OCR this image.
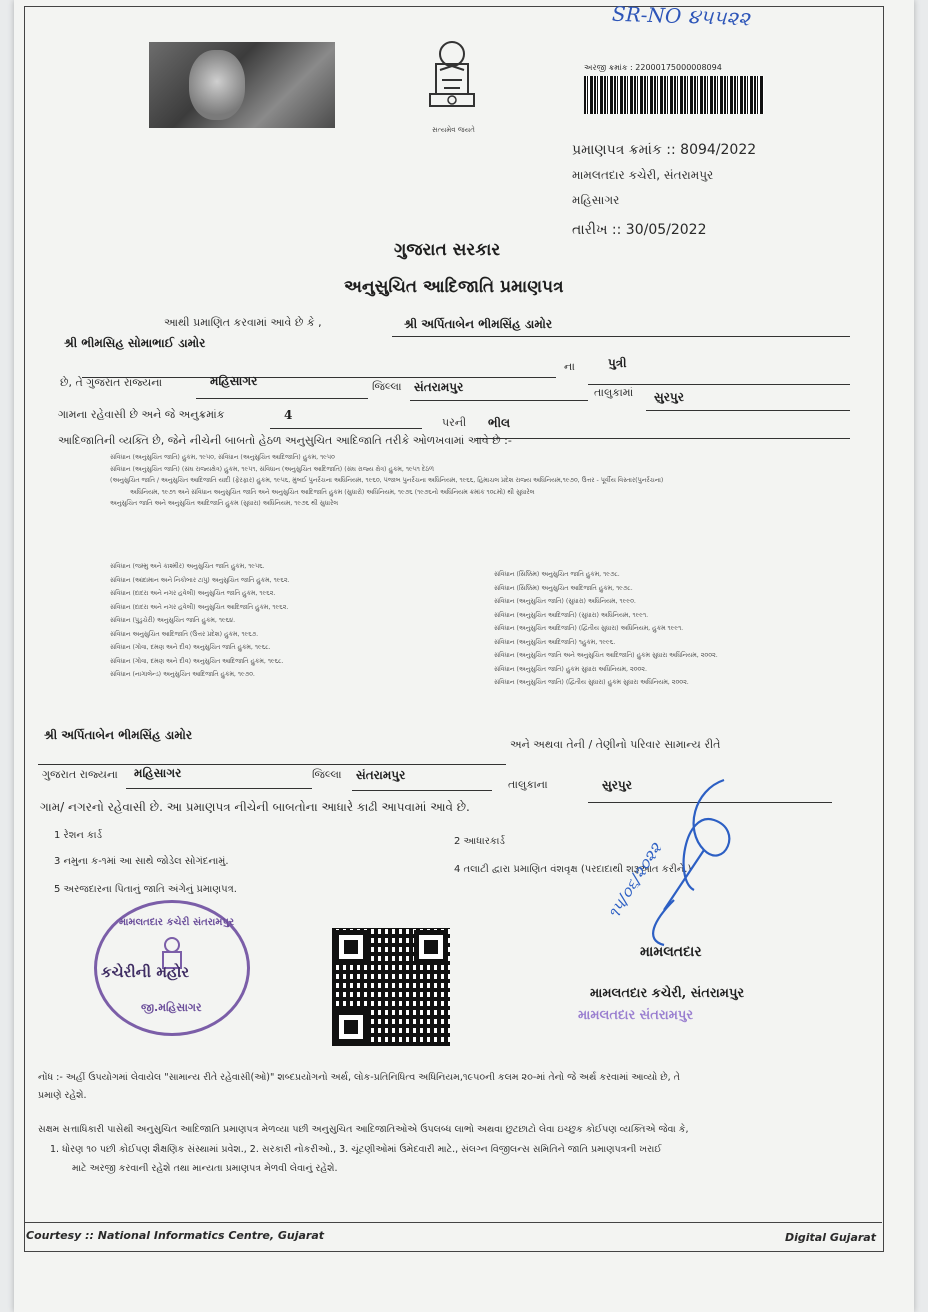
SR-NO ૪૫૫૨૨
સત્યમેવ જયતે
અરજી ક્રમાંક : 22000175000008094
પ્રમાણપત્ર ક્રમાંક :: 8094/2022
મામલતદાર કચેરી, સંતરામપુર
મહિસાગર
તારીખ :: 30/05/2022
ગુજરાત સરકાર
અનુસુચિત આદિજાતિ પ્રમાણપત્ર
આથી પ્રમાણિત કરવામાં આવે છે કે ,	શ્રી અર્પિતાબેન ભીમસિંહ ડામોર
શ્રી ભીમસિહ સોમાભાઈ ડામોર
ના	પુત્રી
છે, તે ગુજરાત રાજ્યના	મહિસાગર	જિલ્લા સંતરામપુર	તાલુકામાં સુરપુર
ગામના રહેવાસી છે અને જે અનુક્રમાંક	4
પરની ભીલ
આદિજાતિની વ્યક્તિ છે, જેને નીચેની બાબતો હેઠળ અનુસુચિત આદિજાતિ તરીકે ઓળખવામાં આવે છે :-
સંવિધાન (અનુસુચિત જાતિ) હુકમ, ૧૯૫૦, સંવિધાન (અનુસુચિત આદિજાતિ) હુકમ, ૧૯૫૦
સંવિધાન (અનુસુચિત જાતિ) (સંઘ રાજ્યક્ષેત્ર) હુકમ, ૧૯૫૧, સંવિધાન (અનુસુચિત આદિજાતિ) (સંઘ રાજ્ય ક્ષેત્ર) હુકમ, ૧૯૫૧ દેઠળ
(અનુસુચિત જાતિ / અનુસુચિત આદિજાતિ યાદી (ફેરફાર) હુકમ, ૧૯૫૬, મુંબઈ પુનર્રચના અધિનિયમ, ૧૯૬૦, પંજાબ પુનર્રચના અધિનિયમ, ૧૯૬૬, હિમાચલ પ્રદેશ રાજ્ય અધિનિયમ,૧૯૭૦, ઉત્તર - પૂર્વીય વિસ્તાર(પુનર્રચના)
અધિનિયમ, ૧૯૭૧ અને સંવિધાન અનુસુચિત જાતિ અને અનુસુચિત આદિજાતિ હુકમ (સુધારો) અધિનિયમ, ૧૯૭૬ (૧૯૭૬નો અધિનિયમ ક્રમાંક ૧૦૮મો) થી સુધારેલ
અનુસુચિત જાતિ અને અનુસુચિત આદિજાતિ હુકમ (સુધારા) અધિનિયમ, ૧૯૭૬ થી સુધારેલ
સંવિધાન (જમ્મુ અને કાશ્મીર) અનુસુચિત જાતિ હુકમ, ૧૯૫૬.
સંવિધાન (આંદામાન અને નિકોબાર ટાપુ) અનુસુચિત જાતિ હુકમ, ૧૯૬૨.
સંવિધાન (દાદરા અને નગર હવેલી) અનુસુચિત જાતિ હુકમ, ૧૯૬૨.
સંવિધાન (દાદરા અને નગર હવેલી) અનુસુચિત આદિજાતિ હુકમ, ૧૯૬૨.
સંવિધાન (પુડુચેરી) અનુસુચિત જાતિ હુકમ, ૧૯૬૪.
સંવિધાન અનુસુચિત આદિજાતિ (ઉત્તર પ્રદેશ) હુકમ, ૧૯૬૭.
સંવિધાન (ગોવા, દમણ અને દીવ) અનુસુચિત જાતિ હુકમ, ૧૯૬૮.
સંવિધાન (ગોવા, દમણ અને દીવ) અનુસુચિત આદિજાતિ હુકમ, ૧૯૬૮.
સંવિધાન (નાગાલેન્ડ) અનુસુચિત આદિજાતિ હુકમ, ૧૯૭૦.
સંવિધાન (સિક્કિમ) અનુસુચિત જાતિ હુકમ, ૧૯૭૮.
સંવિધાન (સિક્કિમ) અનુસુચિત આદિજાતિ હુકમ, ૧૯૭૮.
સંવિધાન (અનુસુચિત જાતિ) (સુધારા) અધિનિયમ, ૧૯૯૦.
સંવિધાન (અનુસુચિત આદિજાતિ) (સુધારા) અધિનિયમ, ૧૯૯૧.
સંવિધાન (અનુસુચિત આદિજાતિ) (દ્વિતીય સુધારા) અધિનિયમ, હુકમ ૧૯૯૧.
સંવિધાન (અનુસુચિત આદિજાતિ) ૧હુકમ, ૧૯૯૬.
સંવિધાન (અનુસુચિત જાતિ અને અનુસુચિત આદિજાતિ) હુકમ સુધારા અધિનિયમ, ૨૦૦૨.
સંવિધાન (અનુસુચિત જાતિ) હુકમ સુધારા અધિનિયમ, ૨૦૦૨.
સંવિધાન (અનુસુચિત જાતિ) (દ્વિતીય સુધારા) હુકમ સુધારા અધિનિયમ, ૨૦૦૨.
શ્રી અર્પિતાબેન ભીમસિંહ ડામોર
અને અથવા તેની / તેણીનો પરિવાર સામાન્ય રીતે
ગુજરાત રાજ્યના મહિસાગર	જિલ્લા સંતરામપુર
તાલુકાના	સુરપુર
ગામ/ નગરનો રહેવાસી છે. આ પ્રમાણપત્ર નીચેની બાબતોના આધારે કાઢી આપવામાં આવે છે.
1 રેશન કાર્ડ
2 આધારકાર્ડ
3 નમુના ક-૧માં આ સાથે જોડેલ સોગંદનામું.
4 તલાટી દ્વારા પ્રમાણિત વંશવૃક્ષ (પરદાદાથી શરૂઆત કરીને.)
5 અરજદારના પિતાનું જાતિ અંગેનું પ્રમાણપત્ર.
મામલતદાર કચેરી સંતરામપુર
કચેરીની મહોર
જી.મહિસાગર
૧૫/૦૬/૨૦૨૨
મામલતદાર
મામલતદાર કચેરી, સંતરામપુર
મામલતદાર સંતરામપુર
નોંધ :- અહીં ઉપયોગમાં લેવાયેલ "સામાન્ય રીતે રહેવાસી(ઓ)" શબ્દપ્રયોગનો અર્થ, લોક-પ્રતિનિધિત્વ અધિનિયમ,૧૯૫૦ની કલમ ૨૦-માં તેનો જે અર્થ કરવામાં આવ્યો છે, તે
પ્રમાણે રહેશે.
સક્ષમ સત્તાધિકારી પાસેથી અનુસુચિત આદિજાતિ પ્રમાણપત્ર મેળવ્યા પછી અનુસુચિત આદિજાતિઓએ ઉપલબ્ધ લાભો અથવા છુટછાટો લેવા ઇચ્છુક કોઈપણ વ્યક્તિએ જેવા કે,
1. ધોરણ ૧૦ પછી કોઈપણ શૈક્ષણિક સંસ્થામાં પ્રવેશ., 2. સરકારી નોકરીઓ., 3. ચૂંટણીઓમાં ઉમેદવારી માટે., સંલગ્ન વિજીલન્સ સમિતિને જાતિ પ્રમાણપત્રની ખરાઈ
માટે અરજી કરવાની રહેશે તથા માન્યતા પ્રમાણપત્ર મેળવી લેવાનું રહેશે.
Courtesy :: National Informatics Centre, Gujarat	Digital Gujarat
